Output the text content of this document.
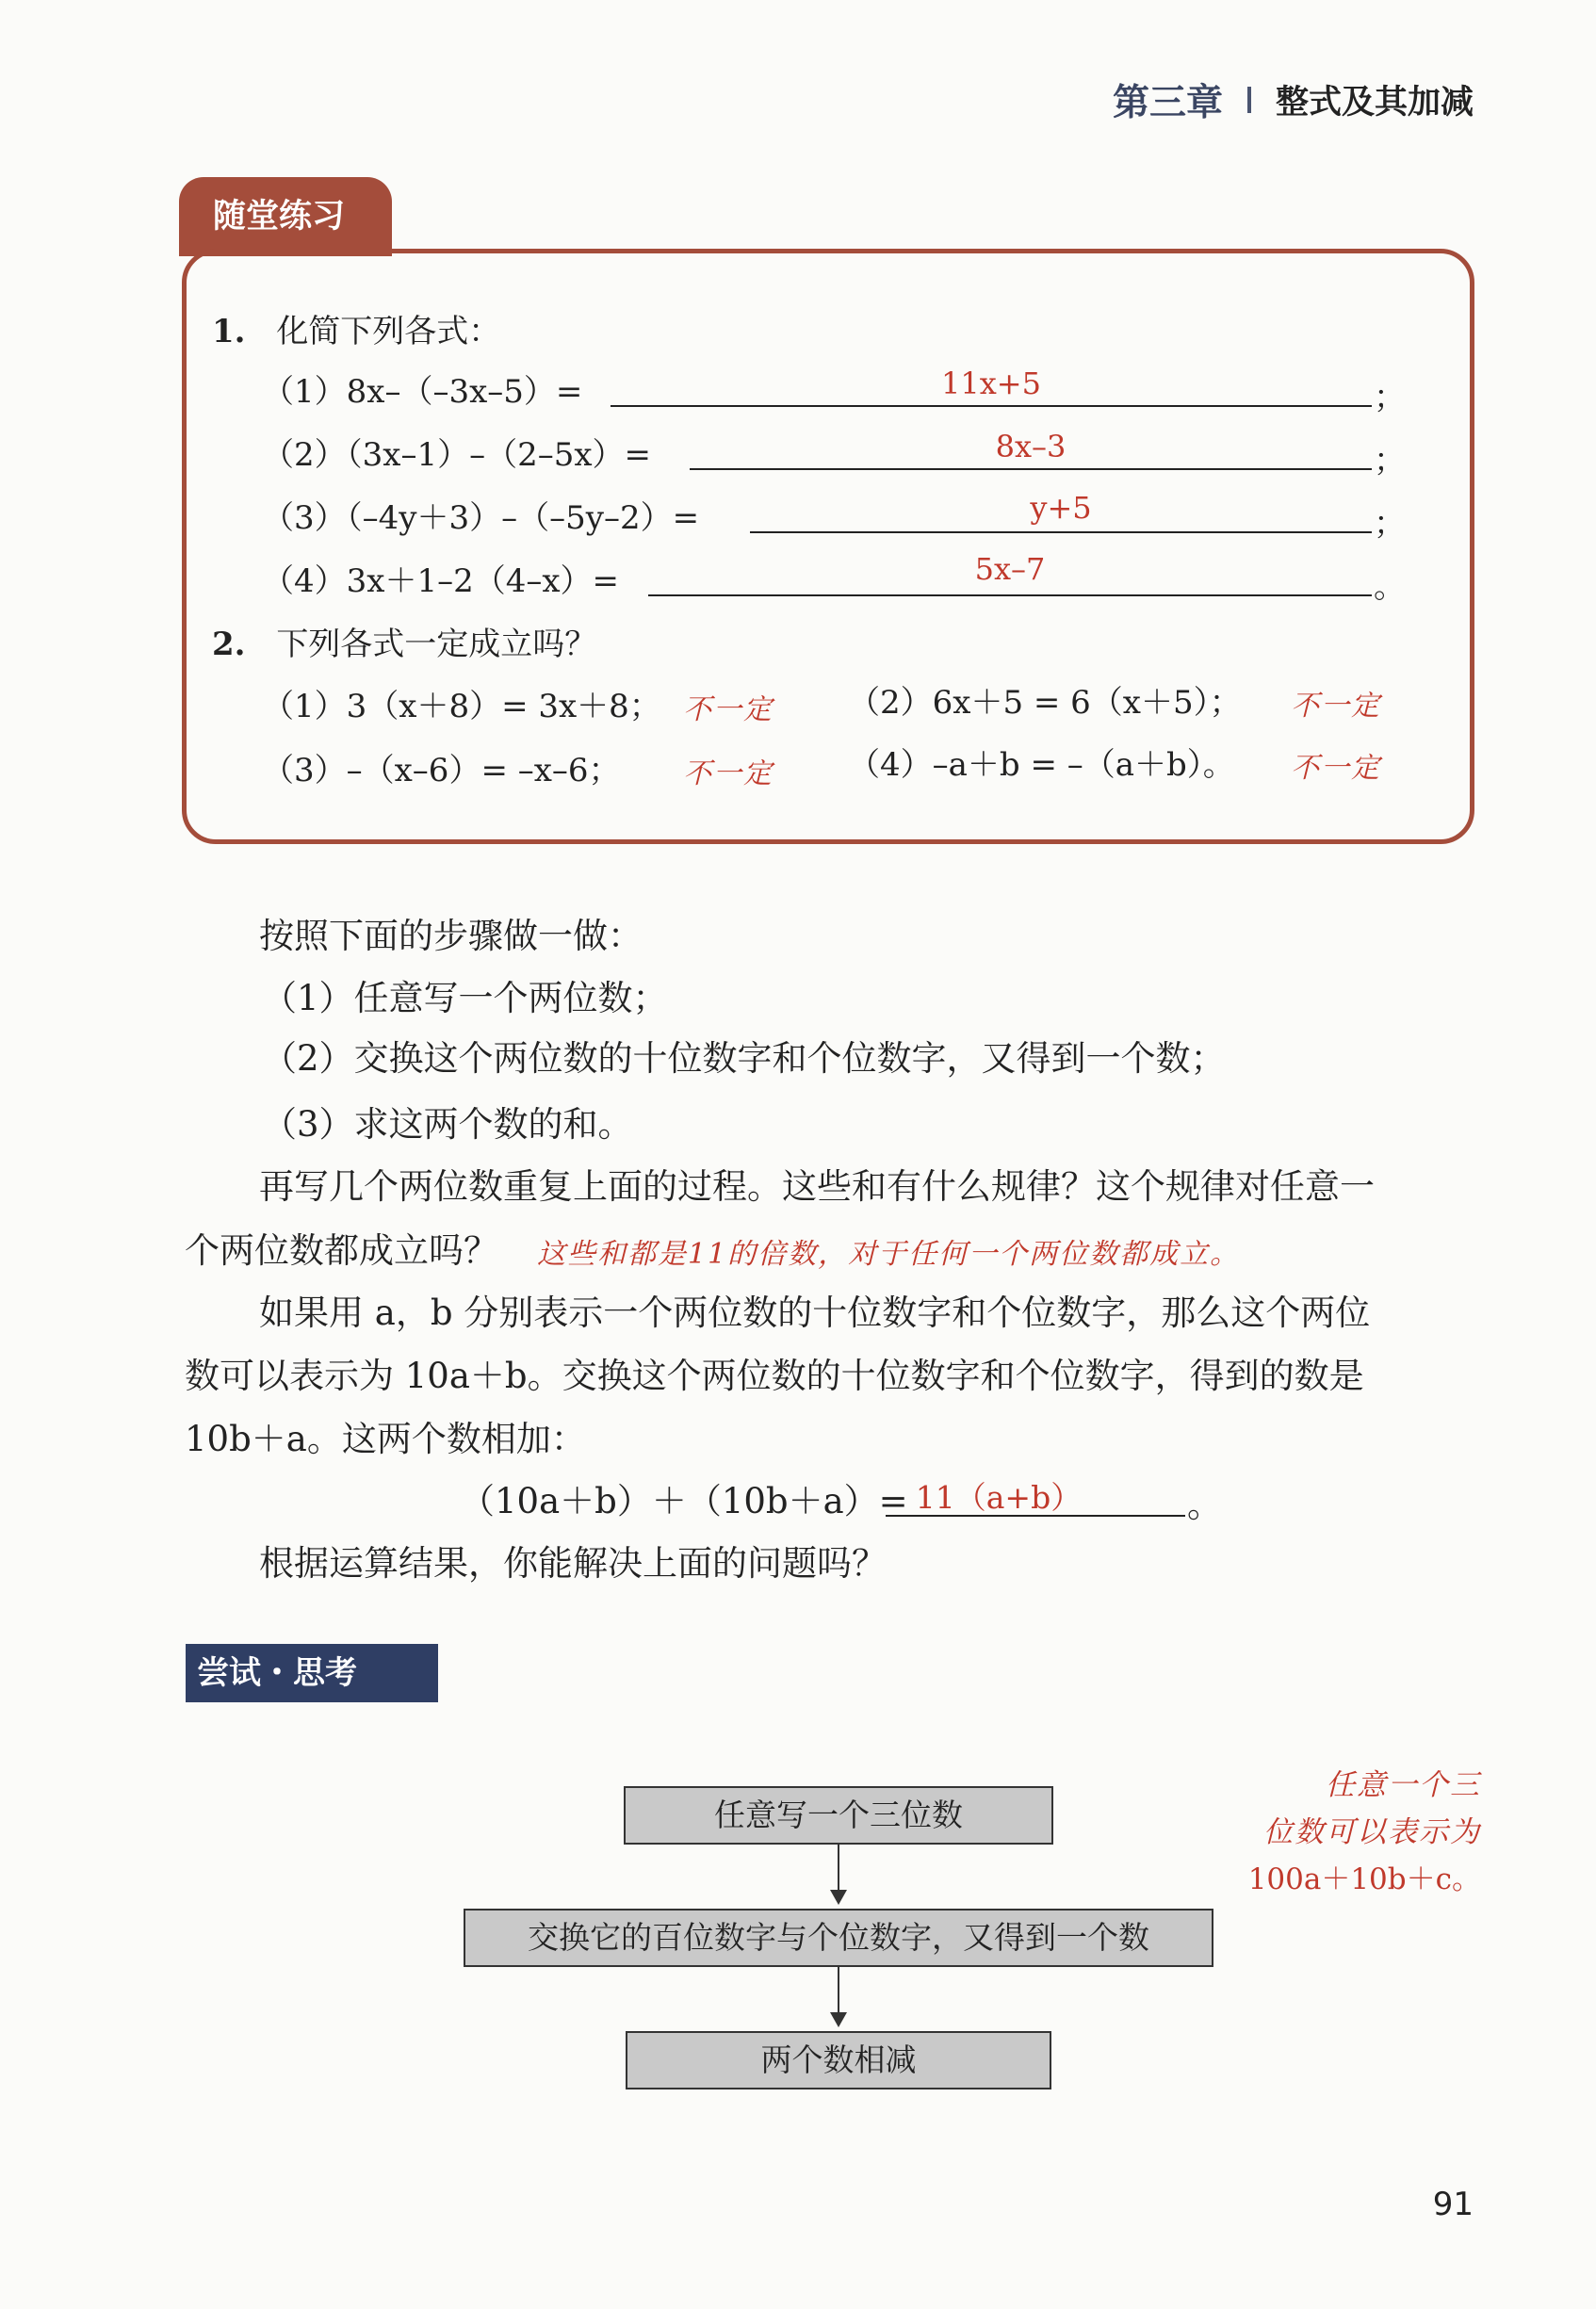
第三章 整式及其加减
随堂练习
1. 化简下列各式：
（1）8x–（–3x–5）=	11x+5	；
（2）（3x–1）–（2–5x）=	8x–3	；
（3）（–4y＋3）–（–5y–2）=	y+5	；
（4）3x＋1–2（4–x）=	5x–7	。
2. 下列各式一定成立吗？
（1）3（x＋8）= 3x＋8； 不一定 （2）6x＋5 = 6（x＋5）； 不一定
（3）–（x–6）= –x–6； 不一定 （4）–a＋b = –（a＋b）。 不一定
按照下面的步骤做一做：
（1）任意写一个两位数；
（2）交换这个两位数的十位数字和个位数字，又得到一个数；
（3）求这两个数的和。
再写几个两位数重复上面的过程。这些和有什么规律？这个规律对任意一
个两位数都成立吗？ 这些和都是11的倍数，对于任何一个两位数都成立。
如果用 a，b 分别表示一个两位数的十位数字和个位数字，那么这个两位
数可以表示为 10a＋b。交换这个两位数的十位数字和个位数字，得到的数是
10b＋a。这两个数相加：
（10a＋b）＋（10b＋a）= 11（a+b）	。
根据运算结果，你能解决上面的问题吗？
尝试・思考
任意写一个三位数
交换它的百位数字与个位数字，又得到一个数
两个数相减
任意一个三
位数可以表示为
100a＋10b＋c。
91
